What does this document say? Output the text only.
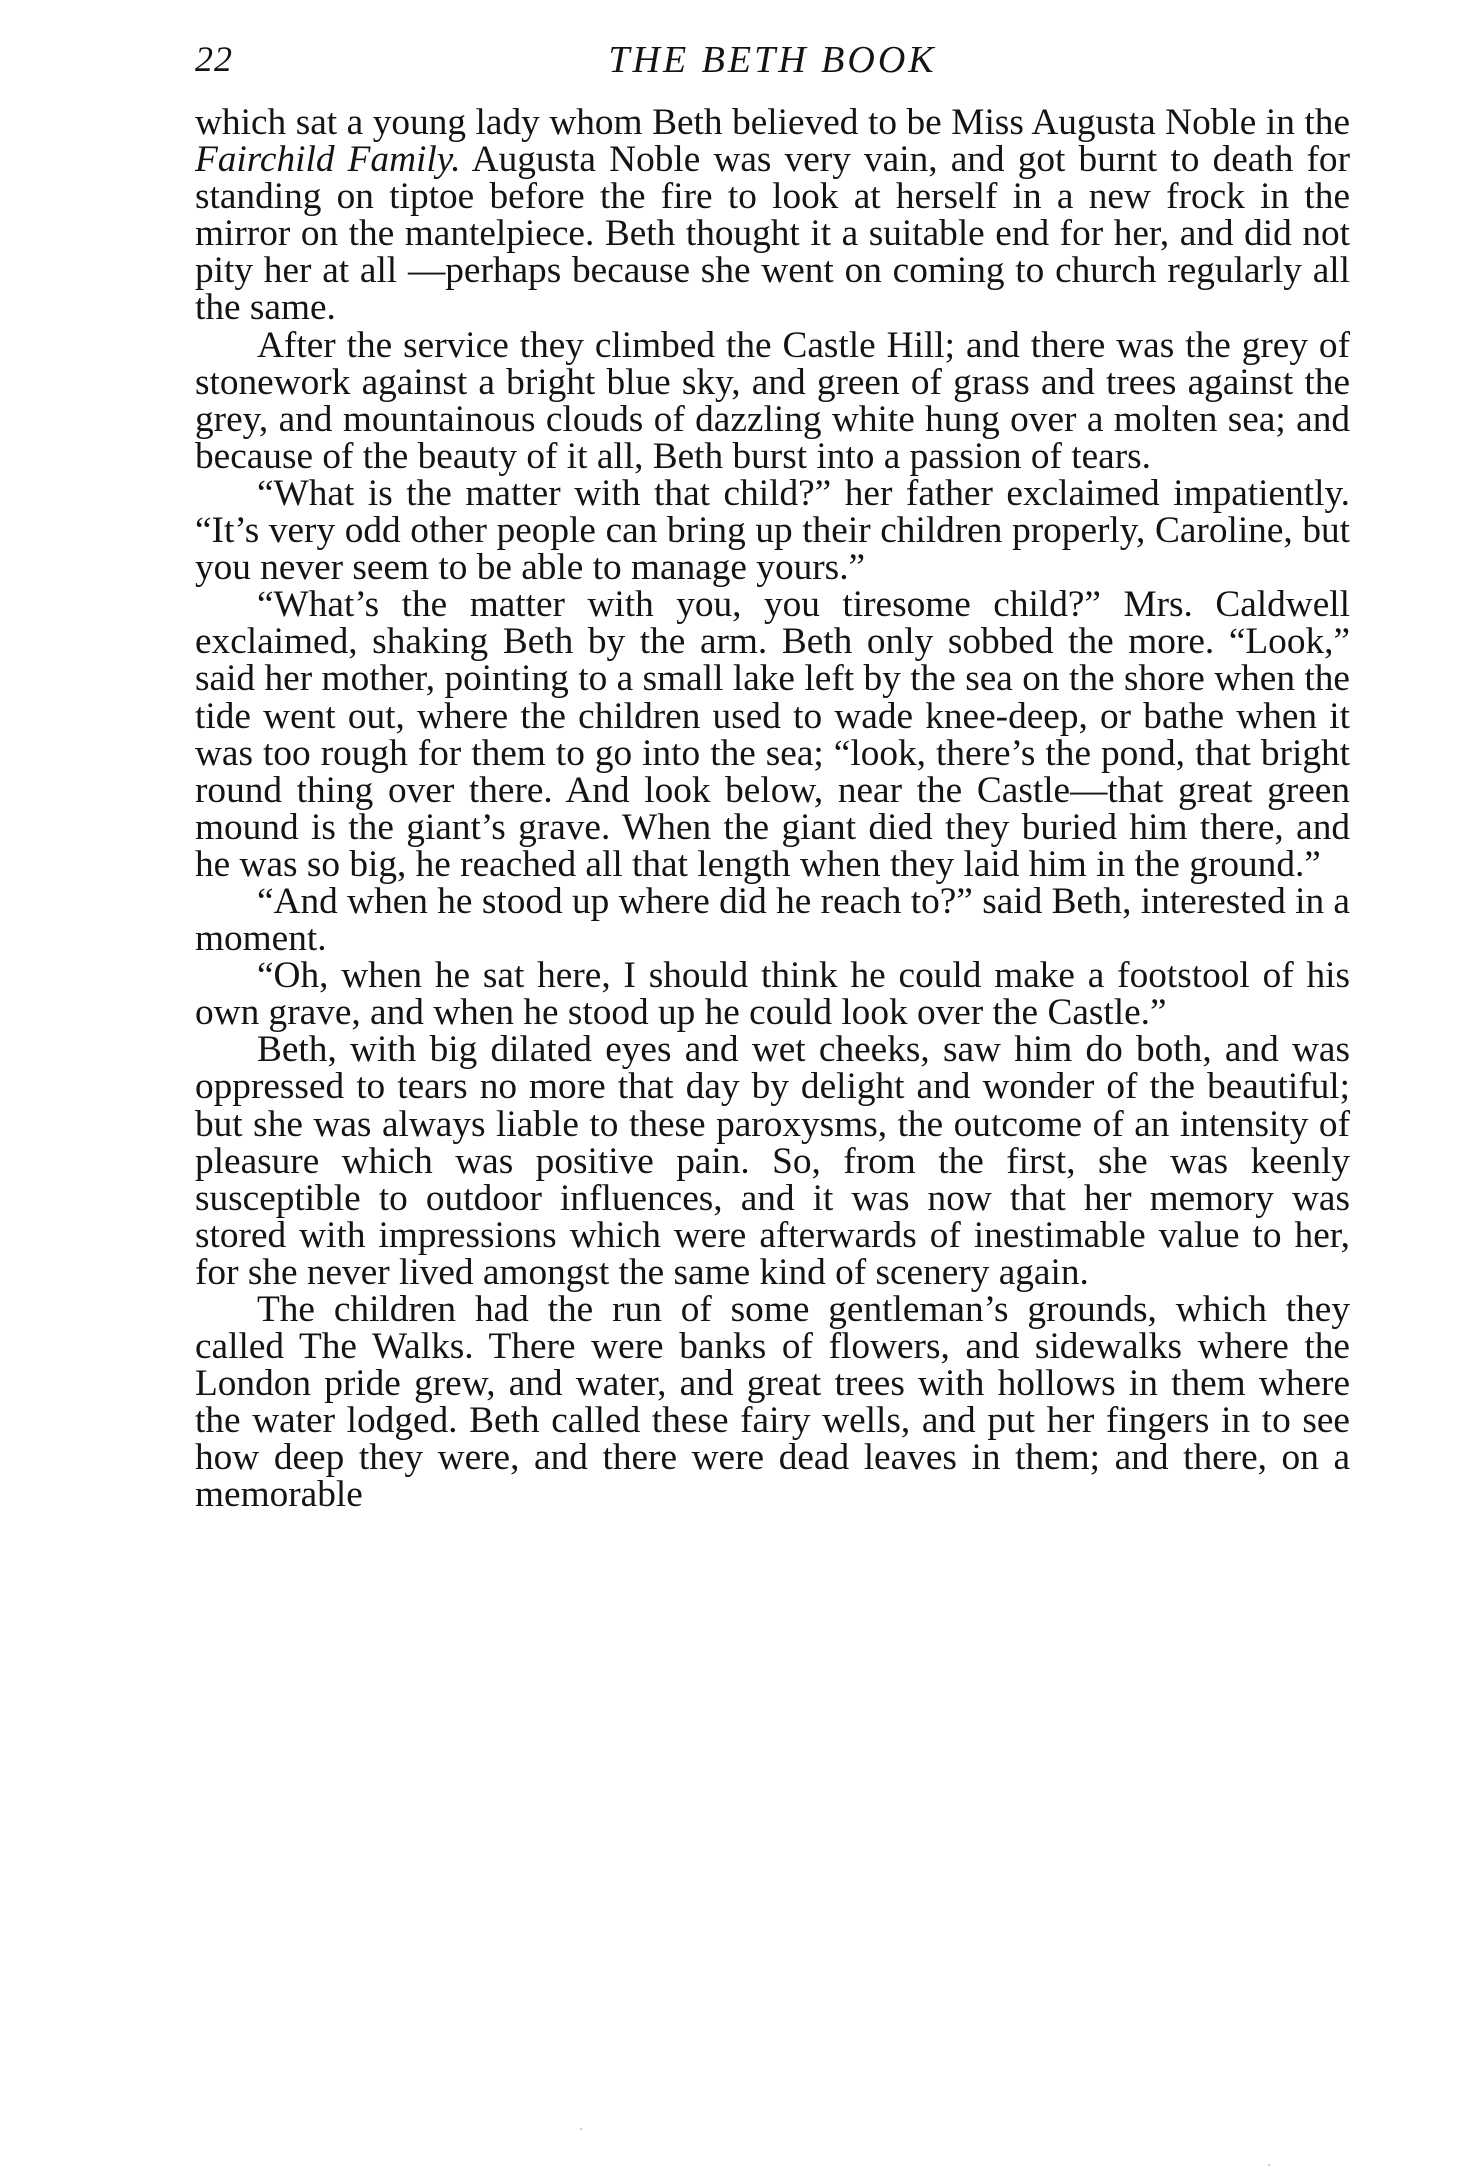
22	THE BETH BOOK

which sat a young lady whom Beth believed to be Miss Augusta Noble in the Fairchild Family. Augusta Noble was very vain, and got burnt to death for standing on tiptoe before the fire to look at herself in a new frock in the mirror on the mantelpiece. Beth thought it a suitable end for her, and did not pity her at all —perhaps because she went on coming to church regularly all the same.

After the service they climbed the Castle Hill; and there was the grey of stonework against a bright blue sky, and green of grass and trees against the grey, and mountainous clouds of dazzling white hung over a molten sea; and because of the beauty of it all, Beth burst into a passion of tears.

“What is the matter with that child?” her father exclaimed impatiently. “It’s very odd other people can bring up their children properly, Caroline, but you never seem to be able to manage yours.”

“What’s the matter with you, you tiresome child?” Mrs. Caldwell exclaimed, shaking Beth by the arm. Beth only sobbed the more. “Look,” said her mother, pointing to a small lake left by the sea on the shore when the tide went out, where the children used to wade knee-deep, or bathe when it was too rough for them to go into the sea; “look, there’s the pond, that bright round thing over there. And look below, near the Castle—that great green mound is the giant’s grave. When the giant died they buried him there, and he was so big, he reached all that length when they laid him in the ground.”

“And when he stood up where did he reach to?” said Beth, interested in a moment.

“Oh, when he sat here, I should think he could make a footstool of his own grave, and when he stood up he could look over the Castle.”

Beth, with big dilated eyes and wet cheeks, saw him do both, and was oppressed to tears no more that day by delight and wonder of the beautiful; but she was always liable to these paroxysms, the outcome of an intensity of pleasure which was positive pain. So, from the first, she was keenly susceptible to outdoor influences, and it was now that her memory was stored with impressions which were afterwards of inestimable value to her, for she never lived amongst the same kind of scenery again.

The children had the run of some gentleman’s grounds, which they called The Walks. There were banks of flowers, and sidewalks where the London pride grew, and water, and great trees with hollows in them where the water lodged. Beth called these fairy wells, and put her fingers in to see how deep they were, and there were dead leaves in them; and there, on a memorable
